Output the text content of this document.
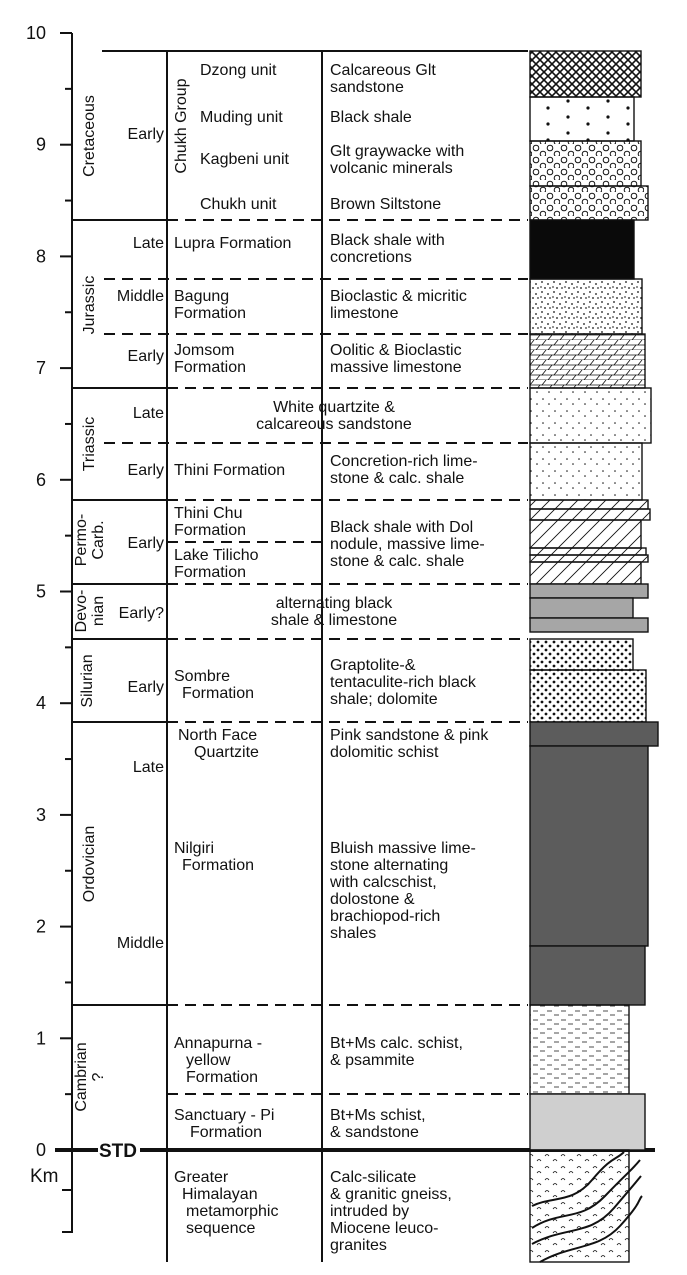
0
1
2
3
4
5
6
7
8
9
10
Km
STD
Cretaceous
Jurassic
Triassic
Permo-Carb.
Devo-nian
Silurian
Ordovician
Cambrian?
Early
Late
Middle
Early
Late
Early
Early
Early?
Early
Late
Middle
Chukh Group
Dzong unit
Muding unit
Kagbeni unit
Chukh unit
Lupra Formation
Bagung Formation
Jomsom Formation
White quartzite & calcareous sandstone
Thini Formation
Thini Chu Formation
Lake Tilicho Formation
alternating black shale & limestone
Sombre Formation
North Face Quartzite
Nilgiri Formation
Annapurna -yellow Formation
Sanctuary - Pi Formation
Greater Himalayan metamorphic sequence
Calcareous Glt sandstone
Black shale
Glt graywacke with volcanic minerals
Brown Siltstone
Black shale with concretions
Bioclastic & micritic limestone
Oolitic & Bioclastic massive limestone
Concretion-rich lime-stone & calc. shale
Black shale with Dol nodule, massive lime-stone & calc. shale
Graptolite-& tentaculite-rich black shale; dolomite
Pink sandstone & pink dolomitic schist
Bluish massive lime-stone alternating with calcschist, dolostone & brachiopod-rich shales
Bt+Ms calc. schist, & psammite
Bt+Ms schist, & sandstone
Calc-silicate & granitic gneiss, intruded by Miocene leuco-granites
